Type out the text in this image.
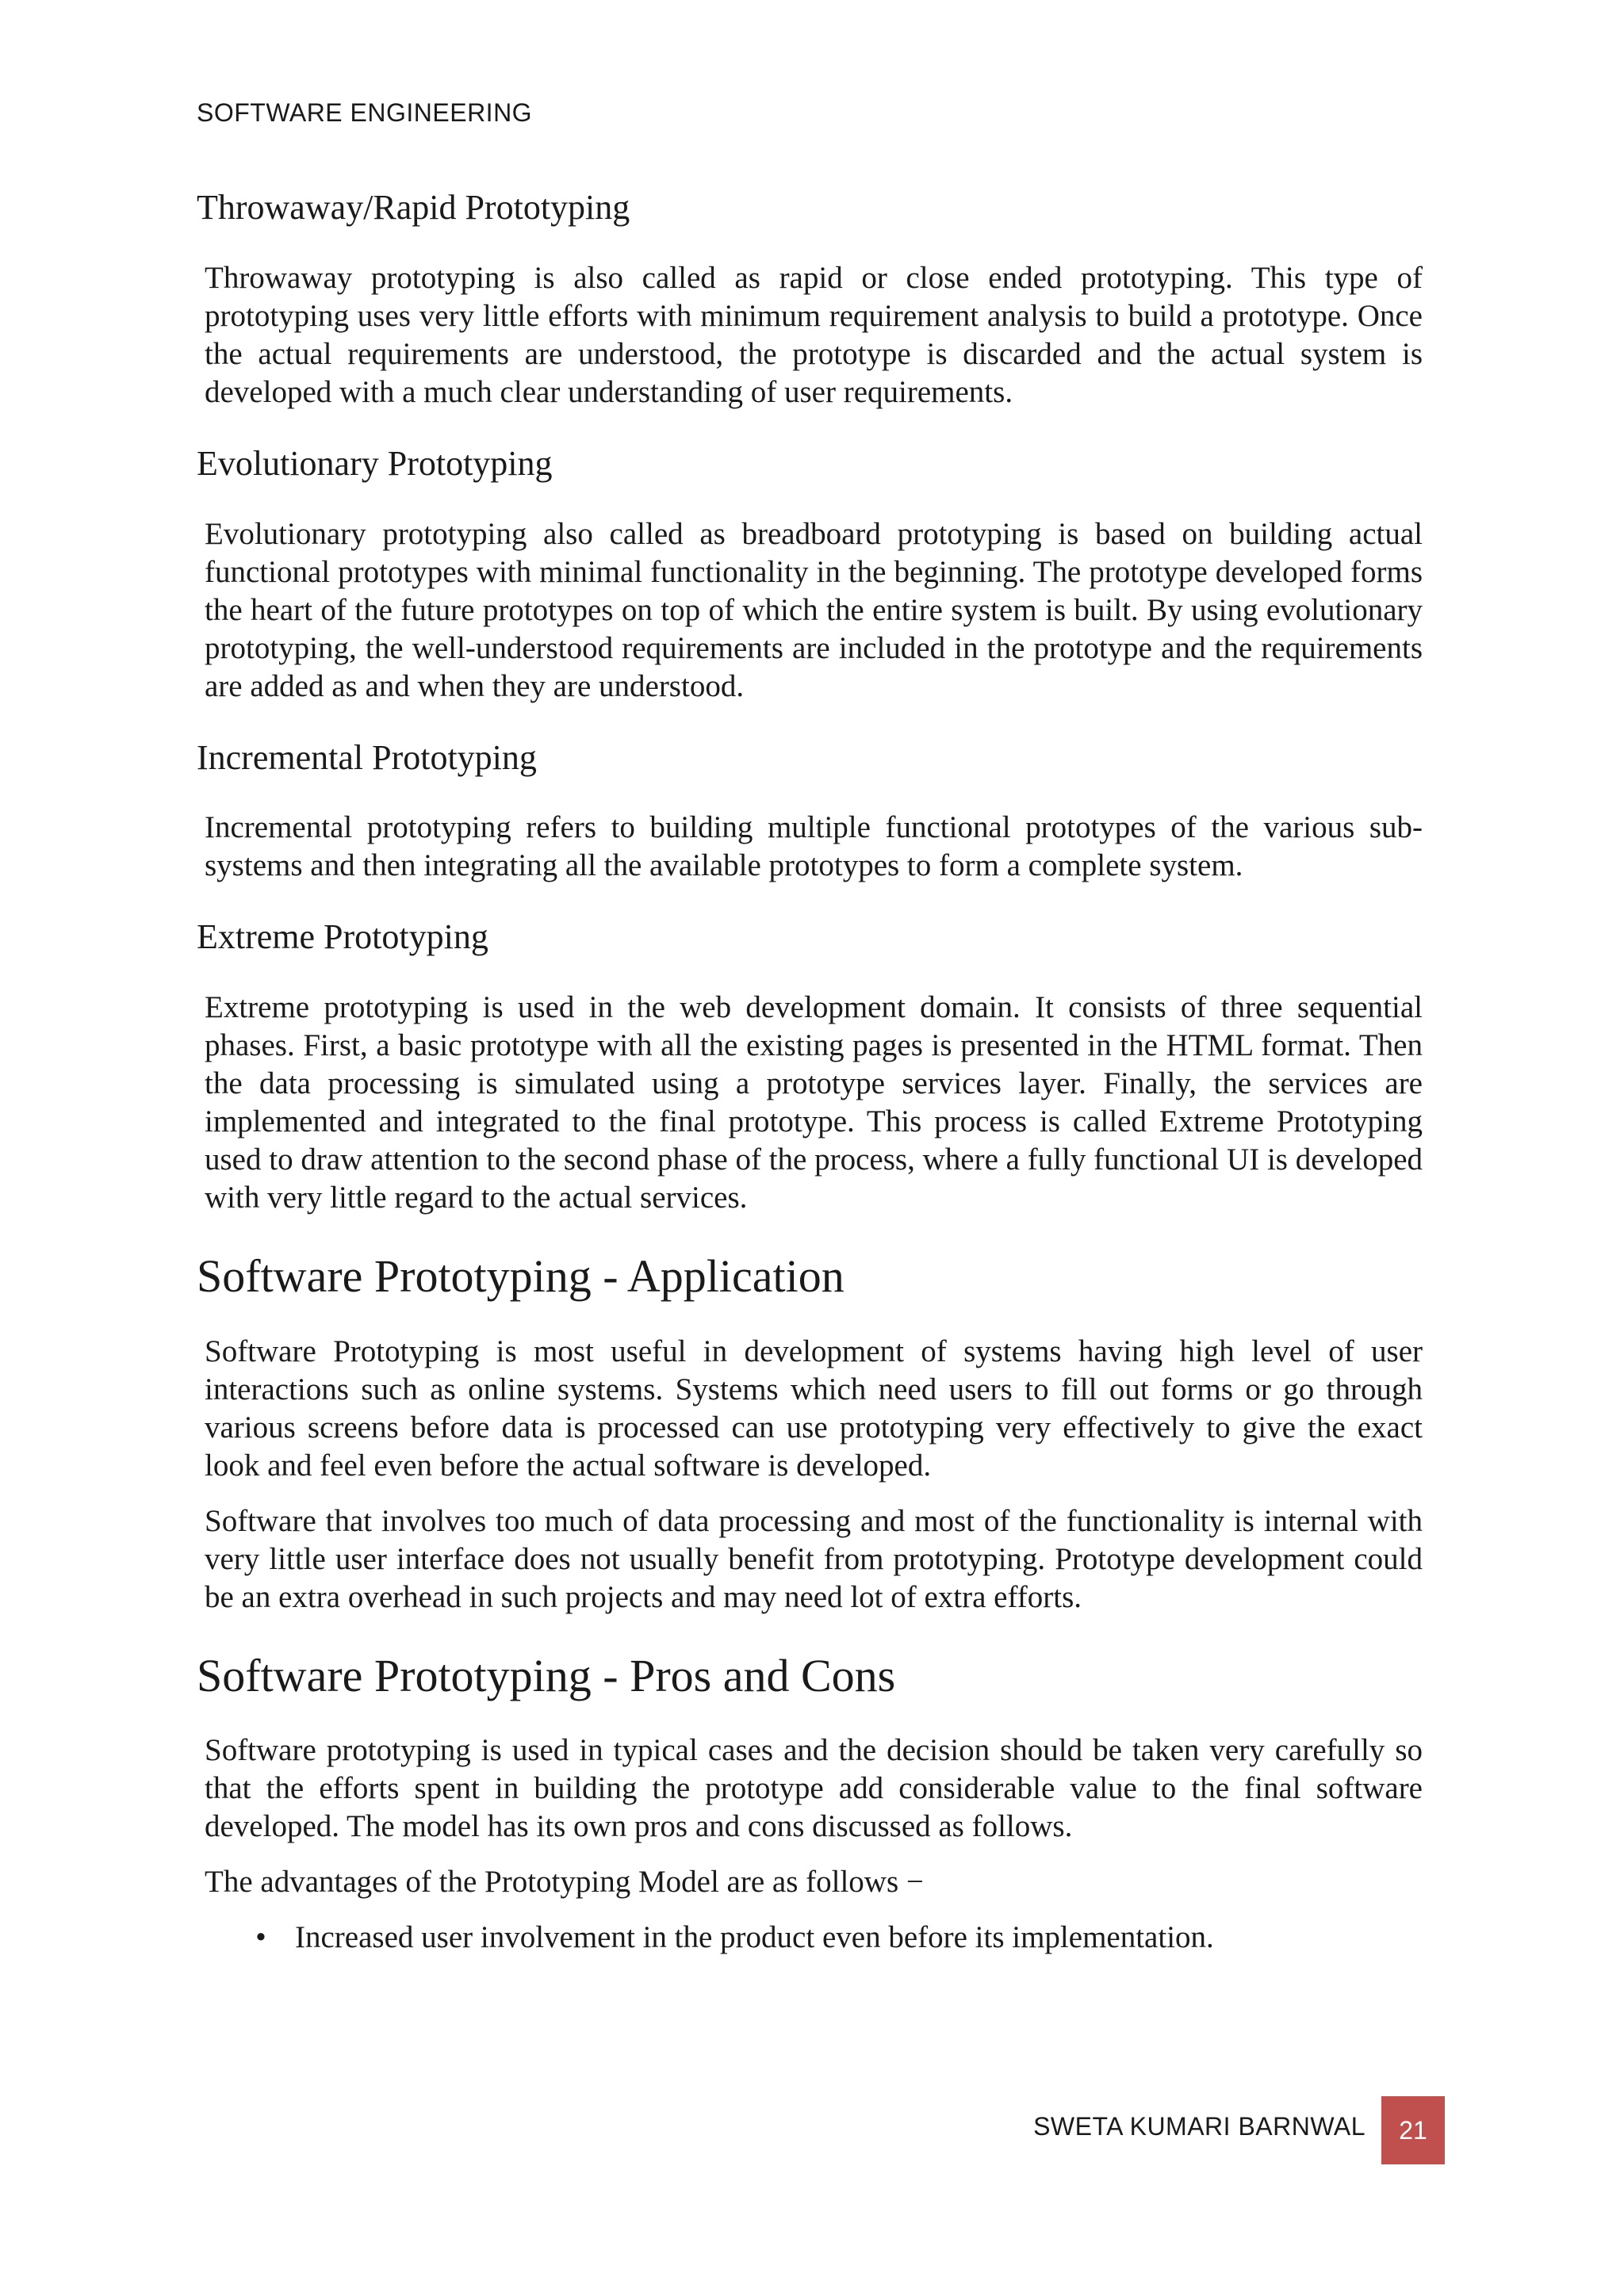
SOFTWARE ENGINEERING
Throwaway/Rapid Prototyping

Throwaway prototyping is also called as rapid or close ended prototyping. This type of prototyping uses very little efforts with minimum requirement analysis to build a prototype. Once the actual requirements are understood, the prototype is discarded and the actual system is developed with a much clear understanding of user requirements.

Evolutionary Prototyping

Evolutionary prototyping also called as breadboard prototyping is based on building actual functional prototypes with minimal functionality in the beginning. The prototype developed forms the heart of the future prototypes on top of which the entire system is built. By using evolutionary prototyping, the well-understood requirements are included in the prototype and the requirements are added as and when they are understood.

Incremental Prototyping

Incremental prototyping refers to building multiple functional prototypes of the various sub-systems and then integrating all the available prototypes to form a complete system.

Extreme Prototyping

Extreme prototyping is used in the web development domain. It consists of three sequential phases. First, a basic prototype with all the existing pages is presented in the HTML format. Then the data processing is simulated using a prototype services layer. Finally, the services are implemented and integrated to the final prototype. This process is called Extreme Prototyping used to draw attention to the second phase of the process, where a fully functional UI is developed with very little regard to the actual services.

Software Prototyping - Application

Software Prototyping is most useful in development of systems having high level of user interactions such as online systems. Systems which need users to fill out forms or go through various screens before data is processed can use prototyping very effectively to give the exact look and feel even before the actual software is developed.

Software that involves too much of data processing and most of the functionality is internal with very little user interface does not usually benefit from prototyping. Prototype development could be an extra overhead in such projects and may need lot of extra efforts.

Software Prototyping - Pros and Cons

Software prototyping is used in typical cases and the decision should be taken very carefully so that the efforts spent in building the prototype add considerable value to the final software developed. The model has its own pros and cons discussed as follows.

The advantages of the Prototyping Model are as follows −

• Increased user involvement in the product even before its implementation.
SWETA KUMARI BARNWAL	21
